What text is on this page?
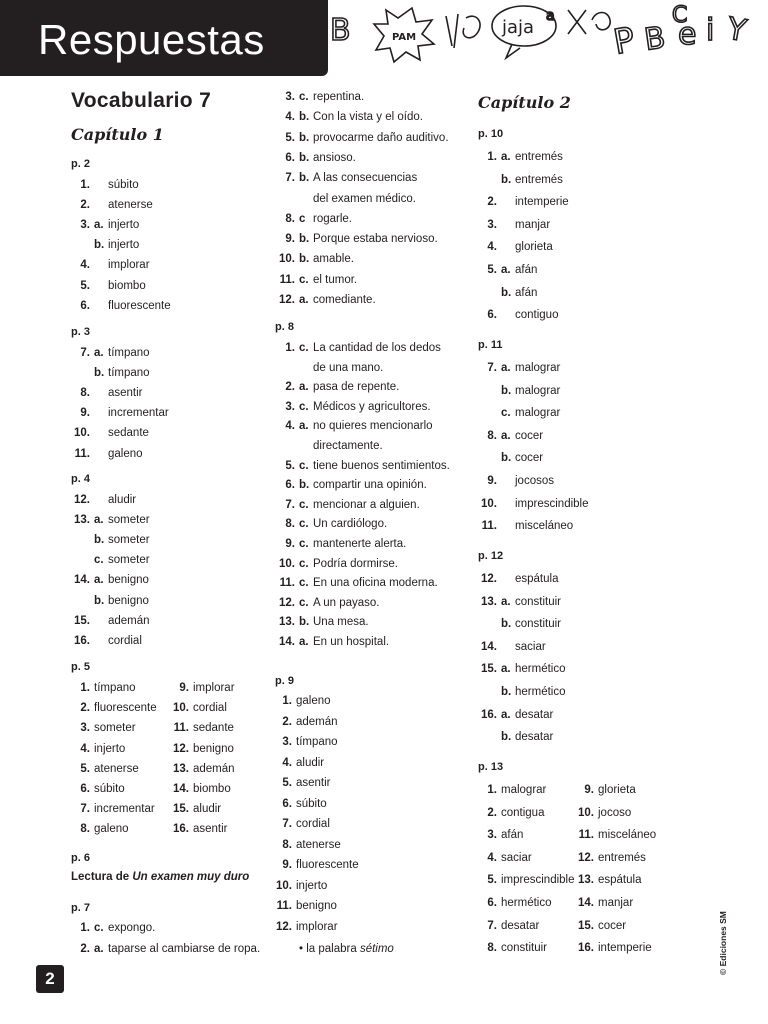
Respuestas B	PAM	jaja P B e i Y
C
a
Vocabulario 7
Capítulo 1
p. 2
1. súbito
2. atenerse
3. a. injerto
b. injerto
4. implorar
5. biombo
6. fluorescente
p. 3
7. a. tímpano
b. tímpano
8. asentir
9. incrementar
10. sedante
11. galeno
p. 4
12. aludir
13. a. someter
b. someter
c. someter
14. a. benigno
b. benigno
15. ademán
16. cordial
p. 5
1. tímpano
2. fluorescente
3. someter
4. injerto
5. atenerse
6. súbito
7. incrementar
8. galeno
9. implorar
10. cordial
11. sedante
12. benigno
13. ademán
14. biombo
15. aludir
16. asentir
p. 6
Lectura de Un examen muy duro
p. 7
1. c. expongo.
2. a. taparse al cambiarse de ropa.
3. c. repentina.
4. b. Con la vista y el oído.
5. b. provocarme daño auditivo.
6. b. ansioso.
7. b. A las consecuencias
del examen médico.
8. c rogarle.
9. b. Porque estaba nervioso.
10. b. amable.
11. c. el tumor.
12. a. comediante.
p. 8
1. c. La cantidad de los dedos
de una mano.
2. a. pasa de repente.
3. c. Médicos y agricultores.
4. a. no quieres mencionarlo
directamente.
5. c. tiene buenos sentimientos.
6. b. compartir una opinión.
7. c. mencionar a alguien.
8. c. Un cardiólogo.
9. c. mantenerte alerta.
10. c. Podría dormirse.
11. c. En una oficina moderna.
12. c. A un payaso.
13. b. Una mesa.
14. a. En un hospital.
p. 9
1. galeno
2. ademán
3. tímpano
4. aludir
5. asentir
6. súbito
7. cordial
8. atenerse
9. fluorescente
10. injerto
11. benigno
12. implorar
• la palabra sétimo
Capítulo 2
p. 10
1. a. entremés
b. entremés
2. intemperie
3. manjar
4. glorieta
5. a. afán
b. afán
6. contiguo
p. 11
7. a. malograr
b. malograr
c. malograr
8. a. cocer
b. cocer
9. jocosos
10. imprescindible
11. misceláneo
p. 12
12. espátula
13. a. constituir
b. constituir
14. saciar
15. a. hermético
b. hermético
16. a. desatar
b. desatar
p. 13
1. malograr
2. contigua
3. afán
4. saciar
5. imprescindible
6. hermético
7. desatar
8. constituir
9. glorieta
10. jocoso
11. misceláneo
12. entremés
13. espátula
14. manjar
15. cocer
16. intemperie
2
© Ediciones SM
